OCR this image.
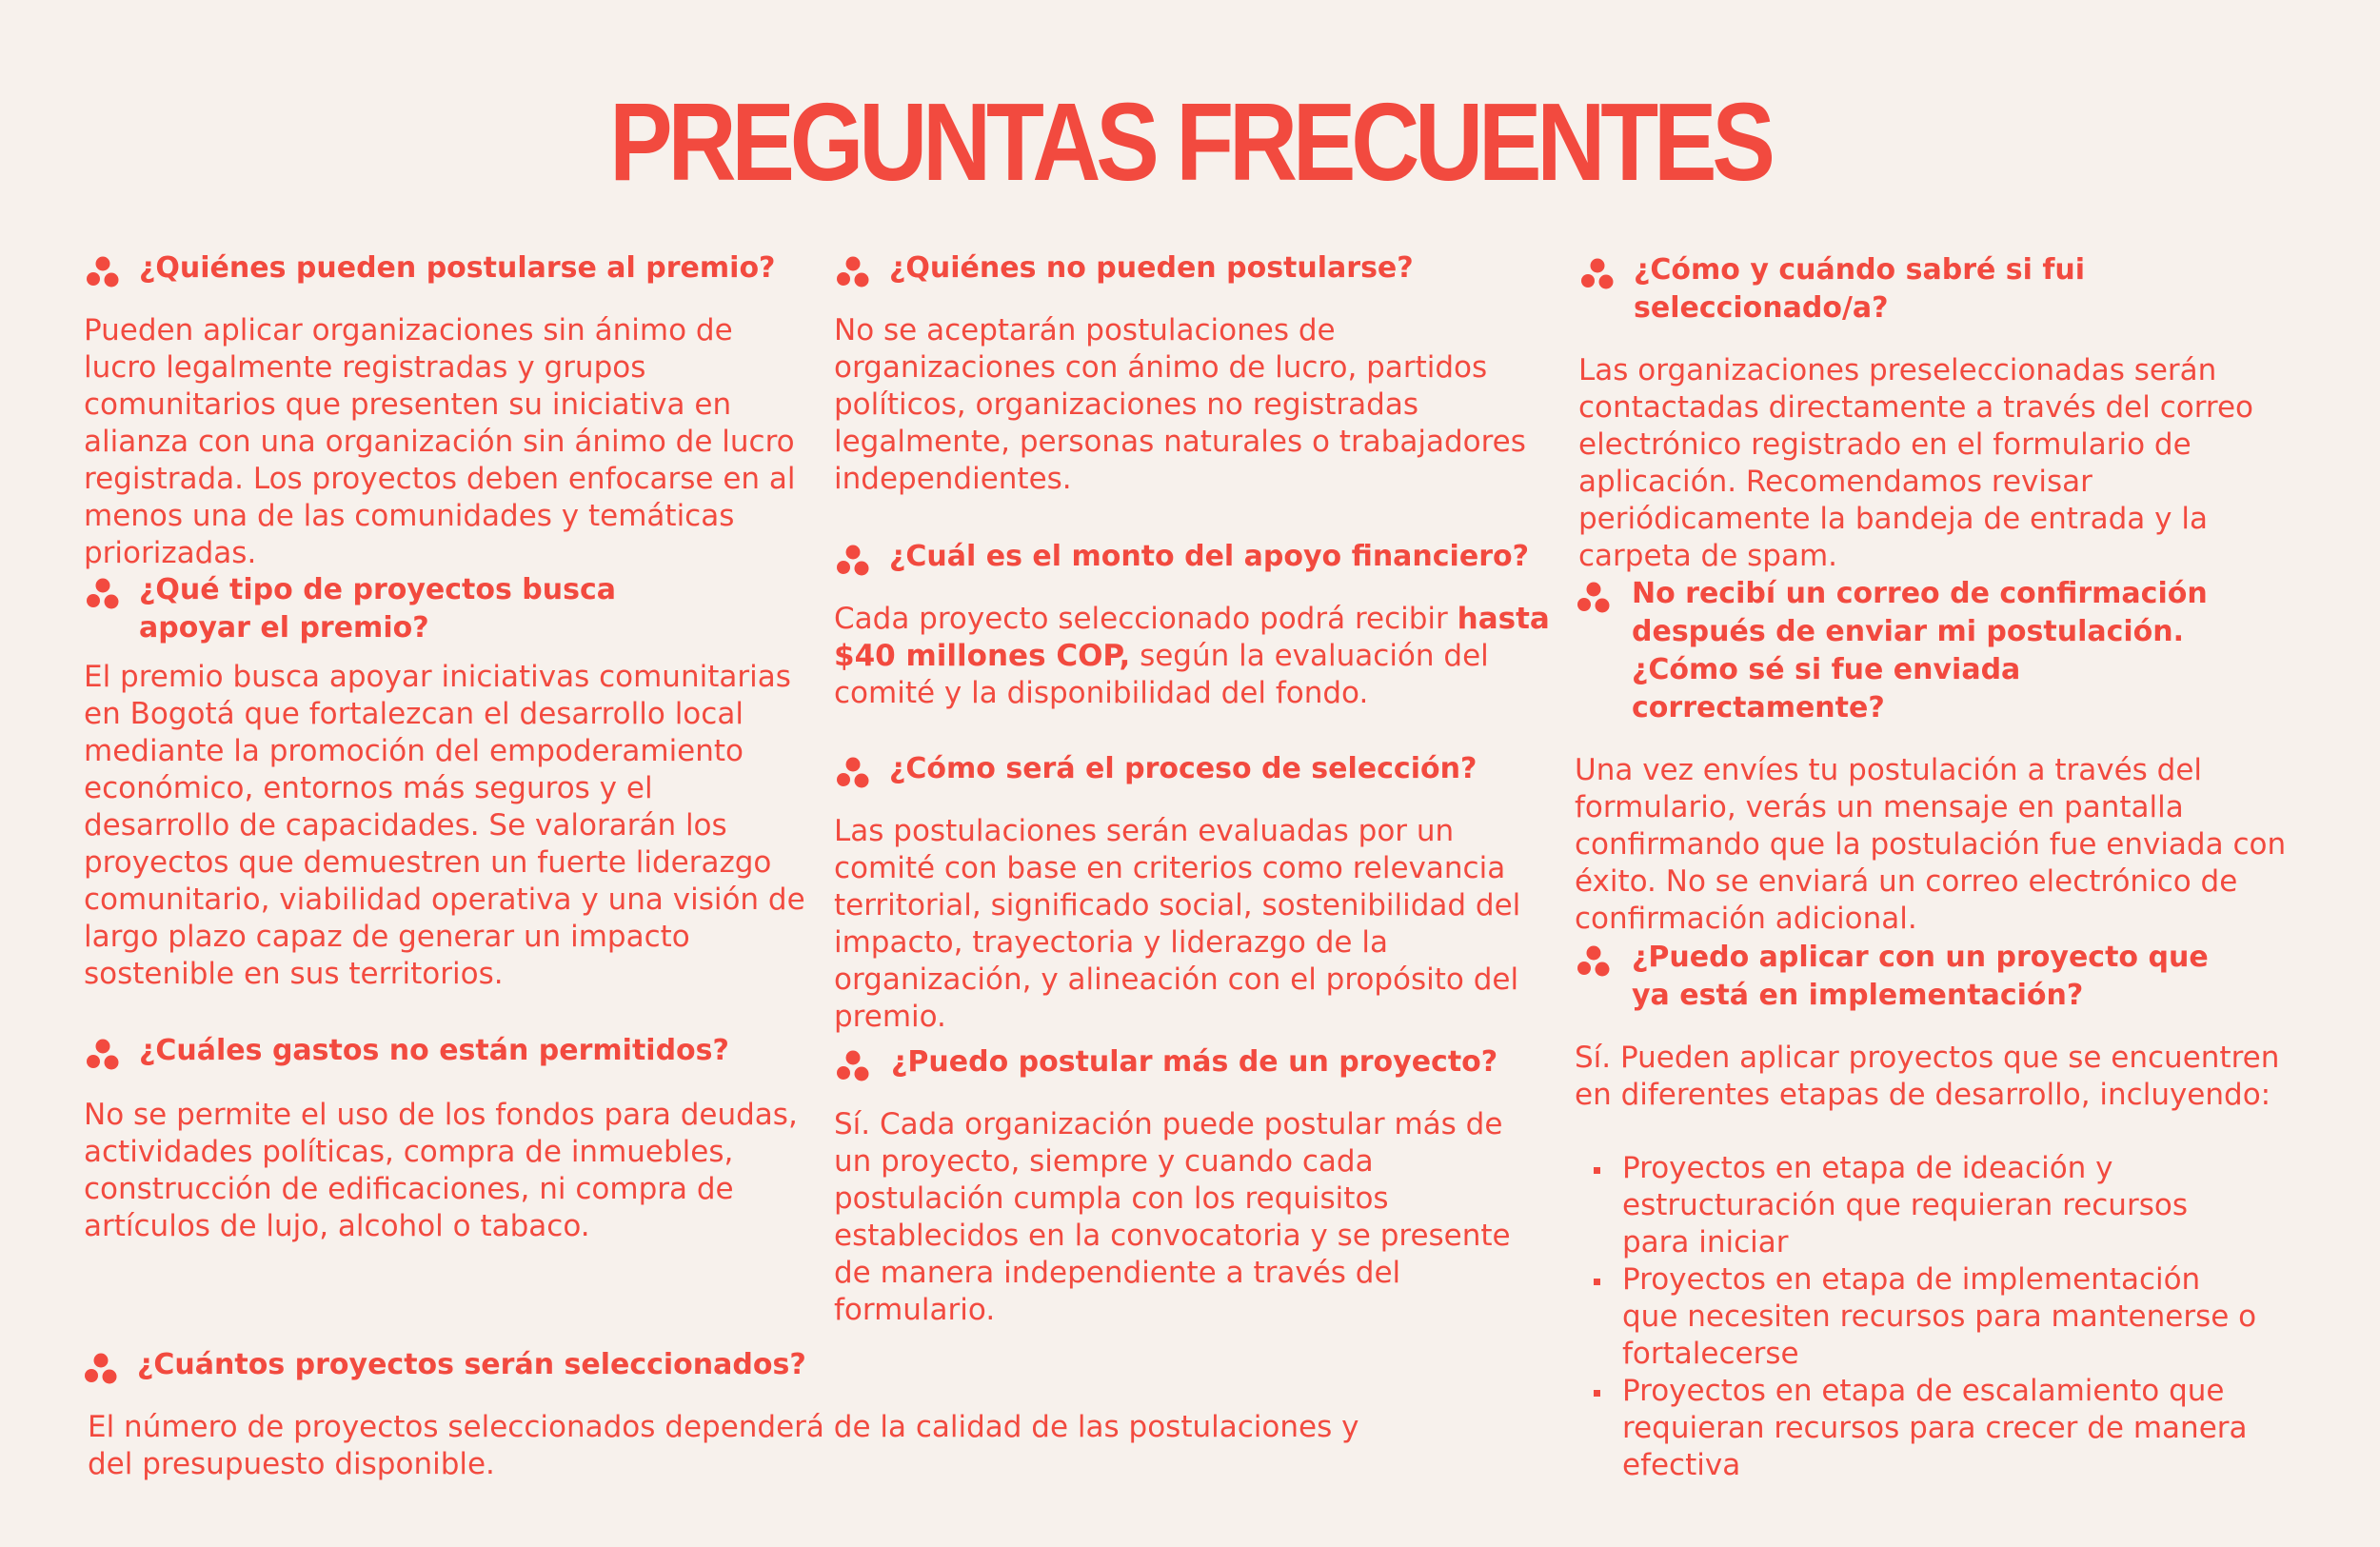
PREGUNTAS FRECUENTES

¿Quiénes pueden postularse al premio?

Pueden aplicar organizaciones sin ánimo de lucro legalmente registradas y grupos comunitarios que presenten su iniciativa en alianza con una organización sin ánimo de lucro registrada. Los proyectos deben enfocarse en al menos una de las comunidades y temáticas priorizadas.

¿Qué tipo de proyectos busca apoyar el premio?

El premio busca apoyar iniciativas comunitarias en Bogotá que fortalezcan el desarrollo local mediante la promoción del empoderamiento económico, entornos más seguros y el desarrollo de capacidades. Se valorarán los proyectos que demuestren un fuerte liderazgo comunitario, viabilidad operativa y una visión de largo plazo capaz de generar un impacto sostenible en sus territorios.

¿Cuáles gastos no están permitidos?

No se permite el uso de los fondos para deudas, actividades políticas, compra de inmuebles, construcción de edificaciones, ni compra de artículos de lujo, alcohol o tabaco.

¿Cuántos proyectos serán seleccionados?

El número de proyectos seleccionados dependerá de la calidad de las postulaciones y del presupuesto disponible.

¿Quiénes no pueden postularse?

No se aceptarán postulaciones de organizaciones con ánimo de lucro, partidos políticos, organizaciones no registradas legalmente, personas naturales o trabajadores independientes.

¿Cuál es el monto del apoyo financiero?

Cada proyecto seleccionado podrá recibir hasta $40 millones COP, según la evaluación del comité y la disponibilidad del fondo.

¿Cómo será el proceso de selección?

Las postulaciones serán evaluadas por un comité con base en criterios como relevancia territorial, significado social, sostenibilidad del impacto, trayectoria y liderazgo de la organización, y alineación con el propósito del premio.

¿Puedo postular más de un proyecto?

Sí. Cada organización puede postular más de un proyecto, siempre y cuando cada postulación cumpla con los requisitos establecidos en la convocatoria y se presente de manera independiente a través del formulario.

¿Cómo y cuándo sabré si fui seleccionado/a?

Las organizaciones preseleccionadas serán contactadas directamente a través del correo electrónico registrado en el formulario de aplicación. Recomendamos revisar periódicamente la bandeja de entrada y la carpeta de spam.

No recibí un correo de confirmación después de enviar mi postulación. ¿Cómo sé si fue enviada correctamente?

Una vez envíes tu postulación a través del formulario, verás un mensaje en pantalla confirmando que la postulación fue enviada con éxito. No se enviará un correo electrónico de confirmación adicional.

¿Puedo aplicar con un proyecto que ya está en implementación?

Sí. Pueden aplicar proyectos que se encuentren en diferentes etapas de desarrollo, incluyendo:

Proyectos en etapa de ideación y estructuración que requieran recursos para iniciar
Proyectos en etapa de implementación que necesiten recursos para mantenerse o fortalecerse
Proyectos en etapa de escalamiento que requieran recursos para crecer de manera efectiva
